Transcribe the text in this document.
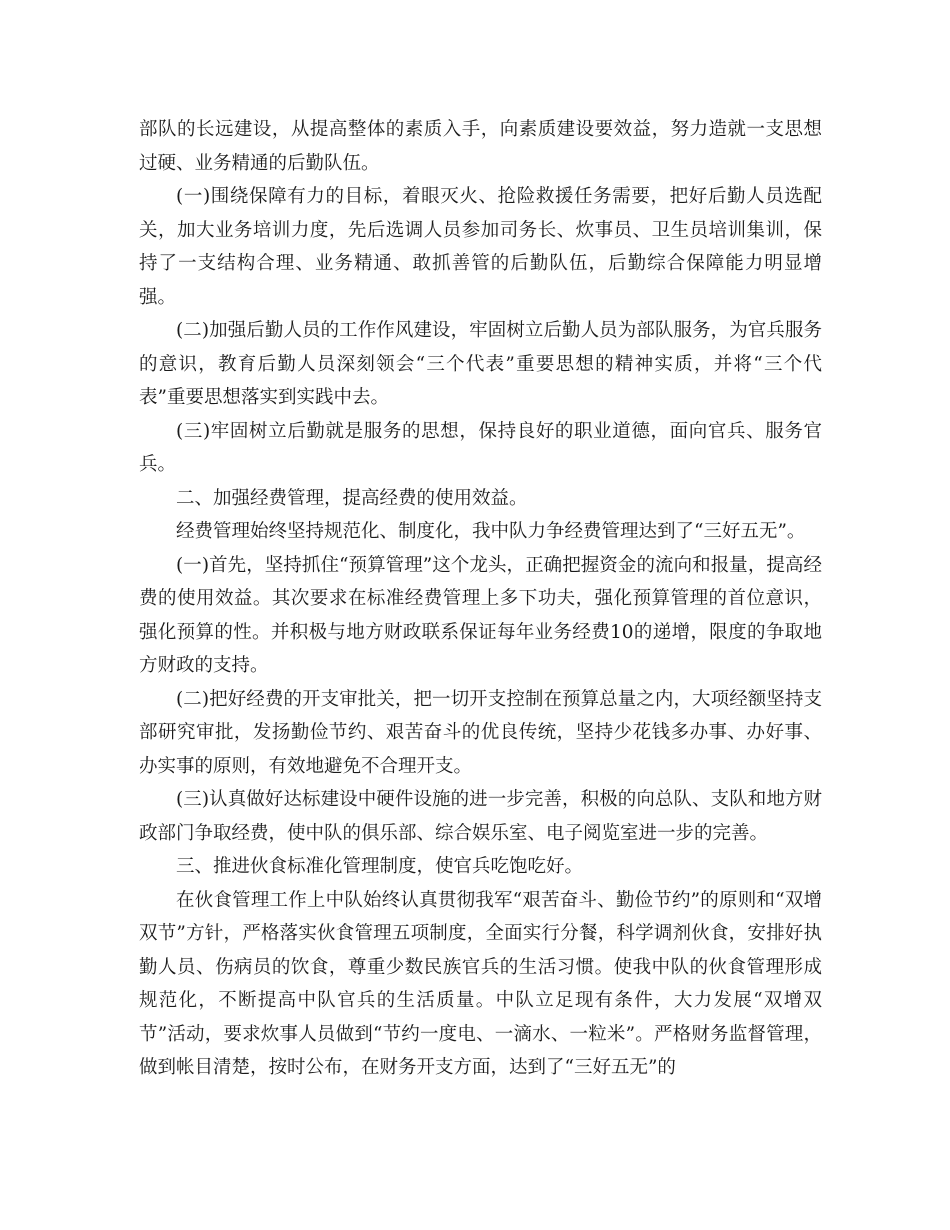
部队的长远建设，从提高整体的素质入手，向素质建设要效益，努力造就一支思想过硬、业务精通的后勤队伍。

(一)围绕保障有力的目标，着眼灭火、抢险救援任务需要，把好后勤人员选配关，加大业务培训力度，先后选调人员参加司务长、炊事员、卫生员培训集训，保持了一支结构合理、业务精通、敢抓善管的后勤队伍，后勤综合保障能力明显增强。

(二)加强后勤人员的工作作风建设，牢固树立后勤人员为部队服务，为官兵服务的意识，教育后勤人员深刻领会“三个代表”重要思想的精神实质，并将“三个代表”重要思想落实到实践中去。

(三)牢固树立后勤就是服务的思想，保持良好的职业道德，面向官兵、服务官兵。

二、加强经费管理，提高经费的使用效益。

经费管理始终坚持规范化、制度化，我中队力争经费管理达到了“三好五无”。

(一)首先，坚持抓住“预算管理”这个龙头，正确把握资金的流向和报量，提高经费的使用效益。其次要求在标准经费管理上多下功夫，强化预算管理的首位意识，强化预算的性。并积极与地方财政联系保证每年业务经费10的递增，限度的争取地方财政的支持。

(二)把好经费的开支审批关，把一切开支控制在预算总量之内，大项经额坚持支部研究审批，发扬勤俭节约、艰苦奋斗的优良传统，坚持少花钱多办事、办好事、办实事的原则，有效地避免不合理开支。

(三)认真做好达标建设中硬件设施的进一步完善，积极的向总队、支队和地方财政部门争取经费，使中队的俱乐部、综合娱乐室、电子阅览室进一步的完善。

三、推进伙食标准化管理制度，使官兵吃饱吃好。

在伙食管理工作上中队始终认真贯彻我军“艰苦奋斗、勤俭节约”的原则和“双增双节”方针，严格落实伙食管理五项制度，全面实行分餐，科学调剂伙食，安排好执勤人员、伤病员的饮食，尊重少数民族官兵的生活习惯。使我中队的伙食管理形成规范化，不断提高中队官兵的生活质量。中队立足现有条件，大力发展“双增双节”活动，要求炊事人员做到“节约一度电、一滴水、一粒米”。严格财务监督管理，做到帐目清楚，按时公布，在财务开支方面，达到了“三好五无”的
